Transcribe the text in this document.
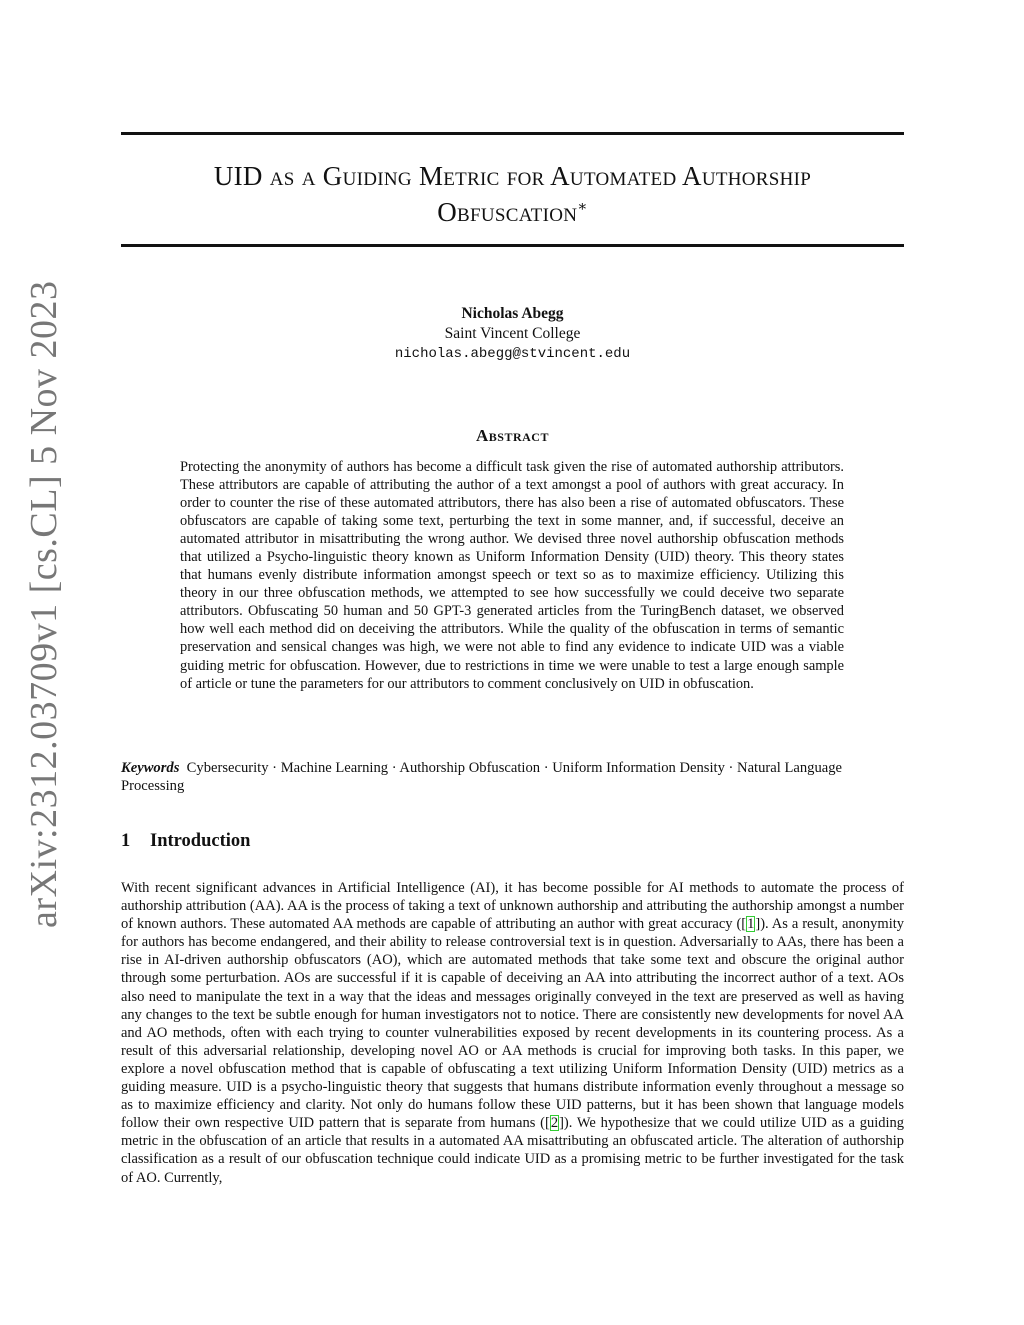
arXiv:2312.03709v1 [cs.CL] 5 Nov 2023
UID as a Guiding Metric for Automated Authorship
Obfuscation∗
Nicholas Abegg
Saint Vincent College
nicholas.abegg@stvincent.edu
Abstract
Protecting the anonymity of authors has become a difficult task given the rise of automated authorship attributors. These attributors are capable of attributing the author of a text amongst a pool of authors with great accuracy. In order to counter the rise of these automated attributors, there has also been a rise of automated obfuscators. These obfuscators are capable of taking some text, perturbing the text in some manner, and, if successful, deceive an automated attributor in misattributing the wrong author. We devised three novel authorship obfuscation methods that utilized a Psycho-linguistic theory known as Uniform Information Density (UID) theory. This theory states that humans evenly distribute information amongst speech or text so as to maximize efficiency. Utilizing this theory in our three obfuscation methods, we attempted to see how successfully we could deceive two separate attributors. Obfuscating 50 human and 50 GPT-3 generated articles from the TuringBench dataset, we observed how well each method did on deceiving the attributors. While the quality of the obfuscation in terms of semantic preservation and sensical changes was high, we were not able to find any evidence to indicate UID was a viable guiding metric for obfuscation. However, due to restrictions in time we were unable to test a large enough sample of article or tune the parameters for our attributors to comment conclusively on UID in obfuscation.
Keywords Cybersecurity · Machine Learning · Authorship Obfuscation · Uniform Information Density · Natural Language Processing
1 Introduction
With recent significant advances in Artificial Intelligence (AI), it has become possible for AI methods to automate the process of authorship attribution (AA). AA is the process of taking a text of unknown authorship and attributing the authorship amongst a number of known authors. These automated AA methods are capable of attributing an author with great accuracy ([1]). As a result, anonymity for authors has become endangered, and their ability to release controversial text is in question. Adversarially to AAs, there has been a rise in AI-driven authorship obfuscators (AO), which are automated methods that take some text and obscure the original author through some perturbation. AOs are successful if it is capable of deceiving an AA into attributing the incorrect author of a text. AOs also need to manipulate the text in a way that the ideas and messages originally conveyed in the text are preserved as well as having any changes to the text be subtle enough for human investigators not to notice. There are consistently new developments for novel AA and AO methods, often with each trying to counter vulnerabilities exposed by recent developments in its countering process. As a result of this adversarial relationship, developing novel AO or AA methods is crucial for improving both tasks. In this paper, we explore a novel obfuscation method that is capable of obfuscating a text utilizing Uniform Information Density (UID) metrics as a guiding measure. UID is a psycho-linguistic theory that suggests that humans distribute information evenly throughout a message so as to maximize efficiency and clarity. Not only do humans follow these UID patterns, but it has been shown that language models follow their own respective UID pattern that is separate from humans ([2]). We hypothesize that we could utilize UID as a guiding metric in the obfuscation of an article that results in a automated AA misattributing an obfuscated article. The alteration of authorship classification as a result of our obfuscation technique could indicate UID as a promising metric to be further investigated for the task of AO. Currently,
